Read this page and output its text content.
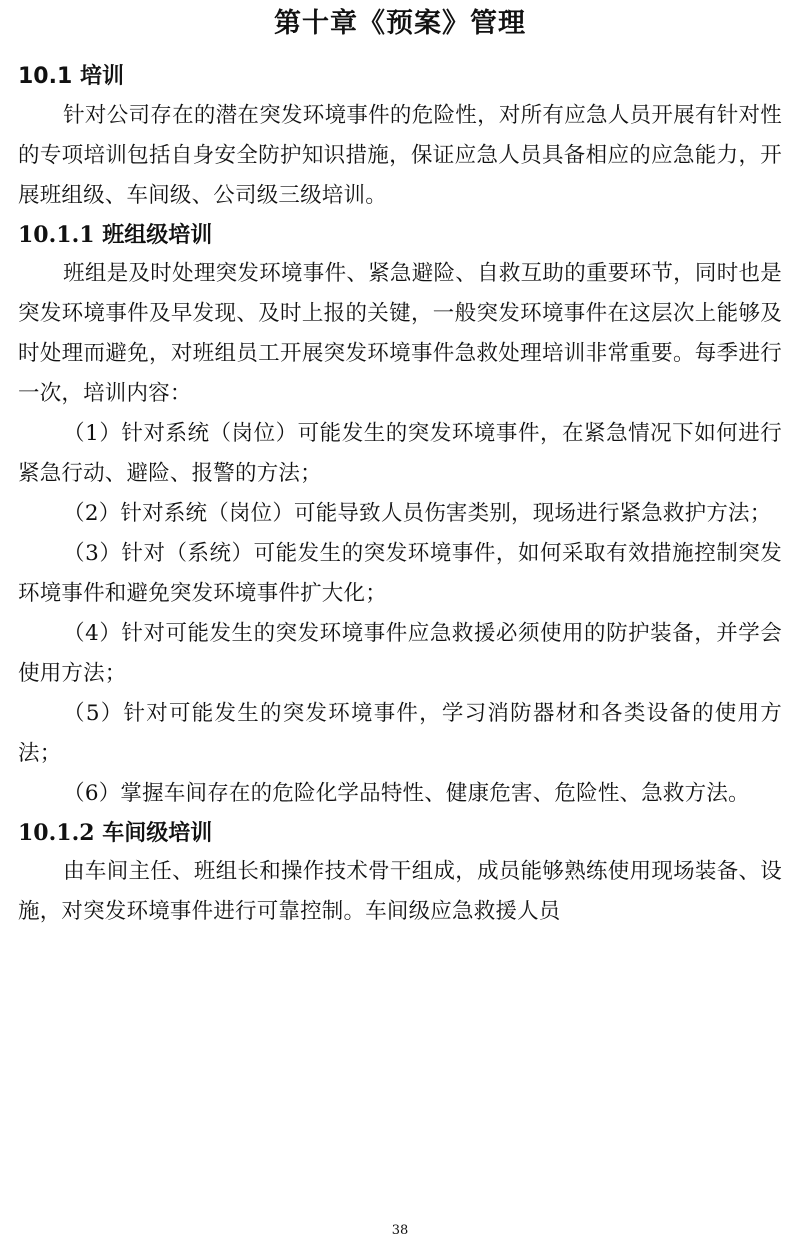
第十章《预案》管理
10.1 培训

针对公司存在的潜在突发环境事件的危险性，对所有应急人员开展有针对性的专项培训包括自身安全防护知识措施，保证应急人员具备相应的应急能力，开展班组级、车间级、公司级三级培训。

10.1.1 班组级培训

班组是及时处理突发环境事件、紧急避险、自救互助的重要环节，同时也是突发环境事件及早发现、及时上报的关键，一般突发环境事件在这层次上能够及时处理而避免，对班组员工开展突发环境事件急救处理培训非常重要。每季进行一次，培训内容：

（1）针对系统（岗位）可能发生的突发环境事件，在紧急情况下如何进行紧急行动、避险、报警的方法；

（2）针对系统（岗位）可能导致人员伤害类别，现场进行紧急救护方法；

（3）针对（系统）可能发生的突发环境事件，如何采取有效措施控制突发环境事件和避免突发环境事件扩大化；

（4）针对可能发生的突发环境事件应急救援必须使用的防护装备，并学会使用方法；

（5）针对可能发生的突发环境事件，学习消防器材和各类设备的使用方法；

（6）掌握车间存在的危险化学品特性、健康危害、危险性、急救方法。

10.1.2 车间级培训

由车间主任、班组长和操作技术骨干组成，成员能够熟练使用现场装备、设施，对突发环境事件进行可靠控制。车间级应急救援人员

38
